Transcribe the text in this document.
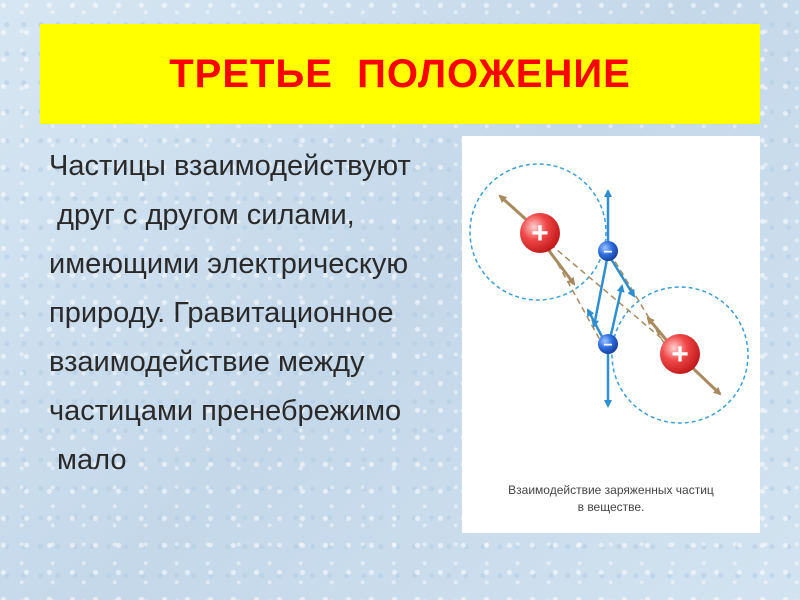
ТРЕТЬЕ  ПОЛОЖЕНИЕ
Частицы взаимодействуют
друг с другом силами,
имеющими электрическую
природу. Гравитационное
взаимодействие между
частицами пренебрежимо
мало
+
+
−
−
Взаимодействие заряженных частиц
в веществе.
